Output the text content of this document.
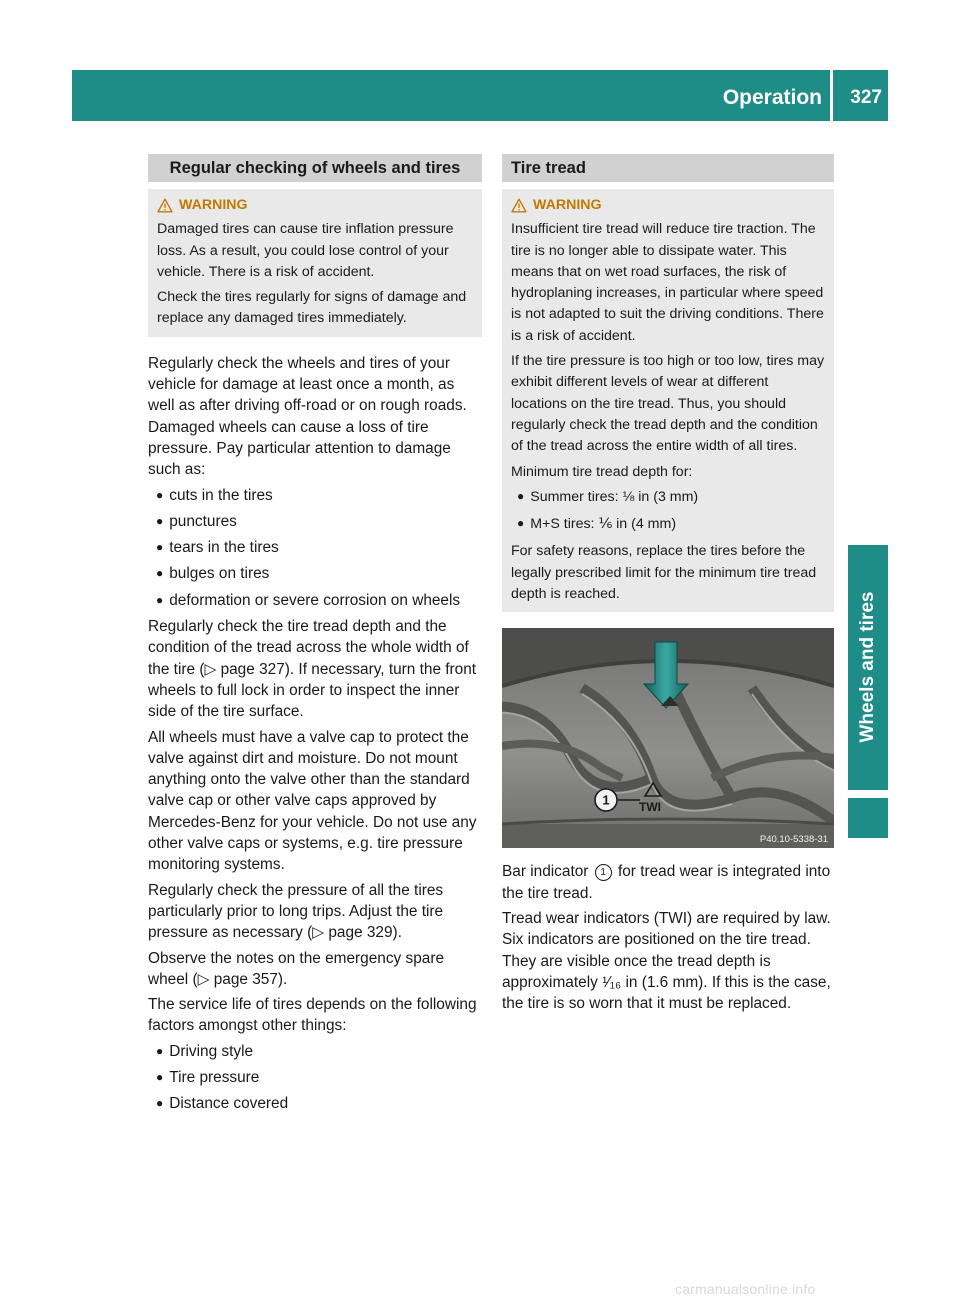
Operation 327
Wheels and tires
Regular checking of wheels and tires
WARNING

Damaged tires can cause tire inflation pressure loss. As a result, you could lose control of your vehicle. There is a risk of accident.

Check the tires regularly for signs of damage and replace any damaged tires immediately.

Regularly check the wheels and tires of your vehicle for damage at least once a month, as well as after driving off-road or on rough roads. Damaged wheels can cause a loss of tire pressure. Pay particular attention to damage such as:

● cuts in the tires
● punctures
● tears in the tires
● bulges on tires
● deformation or severe corrosion on wheels

Regularly check the tire tread depth and the condition of the tread across the whole width of the tire (▷ page 327). If necessary, turn the front wheels to full lock in order to inspect the inner side of the tire surface.

All wheels must have a valve cap to protect the valve against dirt and moisture. Do not mount anything onto the valve other than the standard valve cap or other valve caps approved by Mercedes-Benz for your vehicle. Do not use any other valve caps or systems, e.g. tire pressure monitoring systems.

Regularly check the pressure of all the tires particularly prior to long trips. Adjust the tire pressure as necessary (▷ page 329).

Observe the notes on the emergency spare wheel (▷ page 357).

The service life of tires depends on the following factors amongst other things:

● Driving style
● Tire pressure
● Distance covered
Tire tread
WARNING

Insufficient tire tread will reduce tire traction. The tire is no longer able to dissipate water. This means that on wet road surfaces, the risk of hydroplaning increases, in particular where speed is not adapted to suit the driving conditions. There is a risk of accident.

If the tire pressure is too high or too low, tires may exhibit different levels of wear at different locations on the tire tread. Thus, you should regularly check the tread depth and the condition of the tread across the entire width of all tires.

Minimum tire tread depth for:

● Summer tires: ⅛ in (3 mm)
● M+S tires: ⅙ in (4 mm)

For safety reasons, replace the tires before the legally prescribed limit for the minimum tire tread depth is reached.

TWI
1
P40.10-5338-31

Bar indicator 1 for tread wear is integrated into the tire tread.

Tread wear indicators (TWI) are required by law. Six indicators are positioned on the tire tread. They are visible once the tread depth is approximately ¹⁄₁₆ in (1.6 mm). If this is the case, the tire is so worn that it must be replaced.

carmanualsonline.info
